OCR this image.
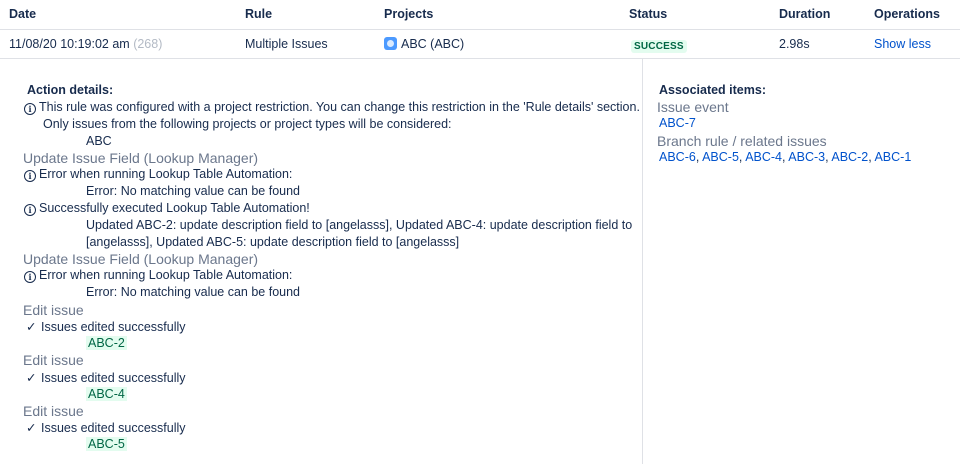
Date	Rule	Projects	Status	Duration	Operations
11/08/20 10:19:02 am (268)	Multiple Issues	ABC (ABC)	SUCCESS	2.98s	Show less
Action details:
i This rule was configured with a project restriction. You can change this restriction in the 'Rule details' section.
Only issues from the following projects or project types will be considered:
ABC
Update Issue Field (Lookup Manager)
i Error when running Lookup Table Automation:
Error: No matching value can be found
i Successfully executed Lookup Table Automation!
Updated ABC-2: update description field to [angelasss], Updated ABC-4: update description field to
[angelasss], Updated ABC-5: update description field to [angelasss]
Update Issue Field (Lookup Manager)
i Error when running Lookup Table Automation:
Error: No matching value can be found
Edit issue
✓ Issues edited successfully
ABC-2
Edit issue
✓ Issues edited successfully
ABC-4
Edit issue
✓ Issues edited successfully
ABC-5
Associated items:
Issue event
ABC-7
Branch rule / related issues
ABC-6, ABC-5, ABC-4, ABC-3, ABC-2, ABC-1
